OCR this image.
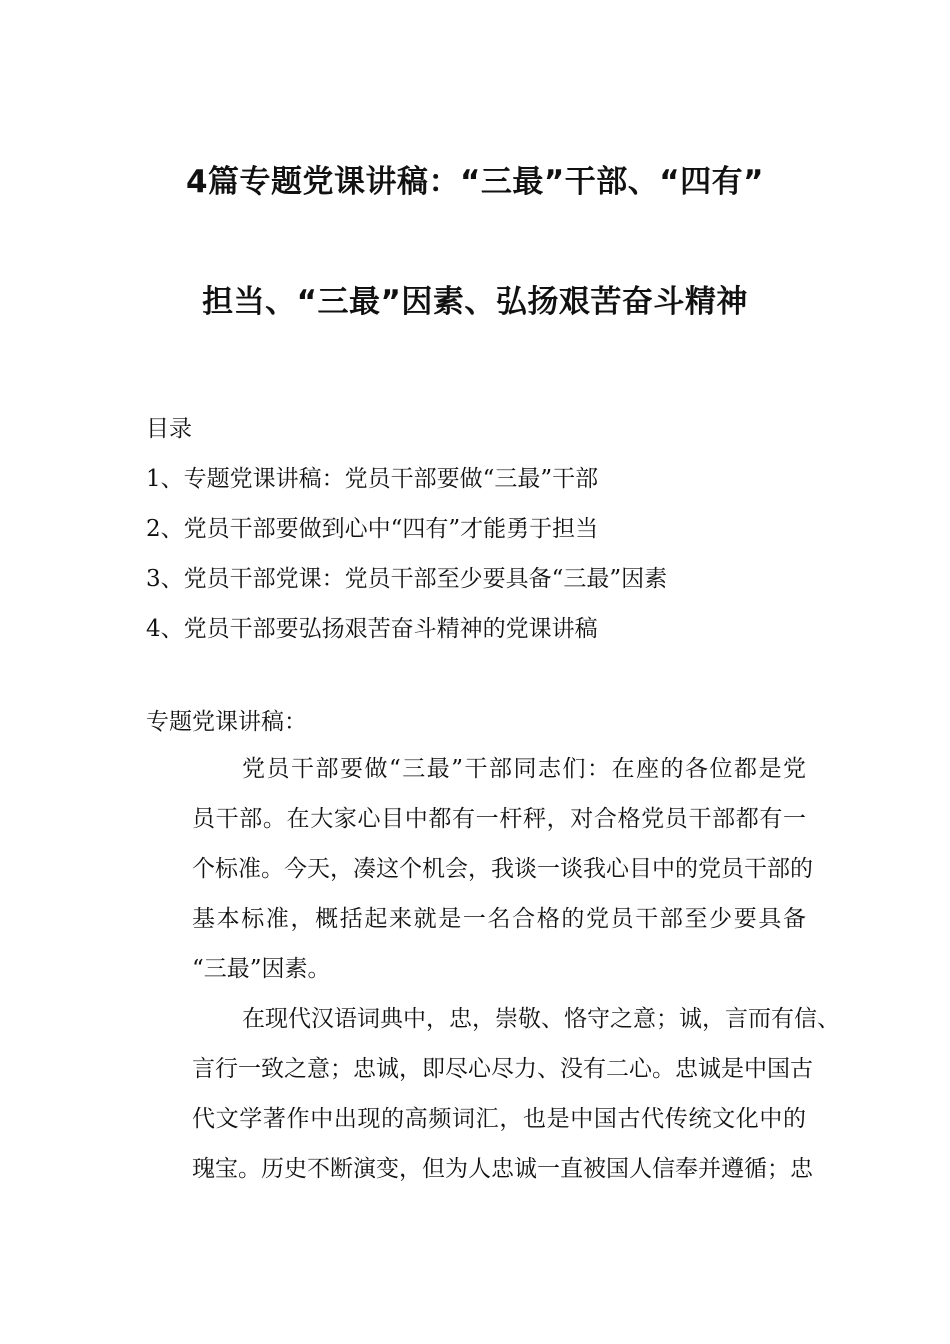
4篇专题党课讲稿：“三最”干部、“四有”
担当、“三最”因素、弘扬艰苦奋斗精神
目录
1、专题党课讲稿：党员干部要做“三最”干部
2、党员干部要做到心中“四有”才能勇于担当
3、党员干部党课：党员干部至少要具备“三最”因素
4、党员干部要弘扬艰苦奋斗精神的党课讲稿
专题党课讲稿：
党员干部要做“三最”干部同志们：在座的各位都是党
员干部。在大家心目中都有一杆秤，对合格党员干部都有一
个标准。今天，凑这个机会，我谈一谈我心目中的党员干部的
基本标准，概括起来就是一名合格的党员干部至少要具备
“三最”因素。
在现代汉语词典中，忠，崇敬、恪守之意；诚，言而有信、
言行一致之意；忠诚，即尽心尽力、没有二心。忠诚是中国古
代文学著作中出现的高频词汇，也是中国古代传统文化中的
瑰宝。历史不断演变，但为人忠诚一直被国人信奉并遵循；忠
